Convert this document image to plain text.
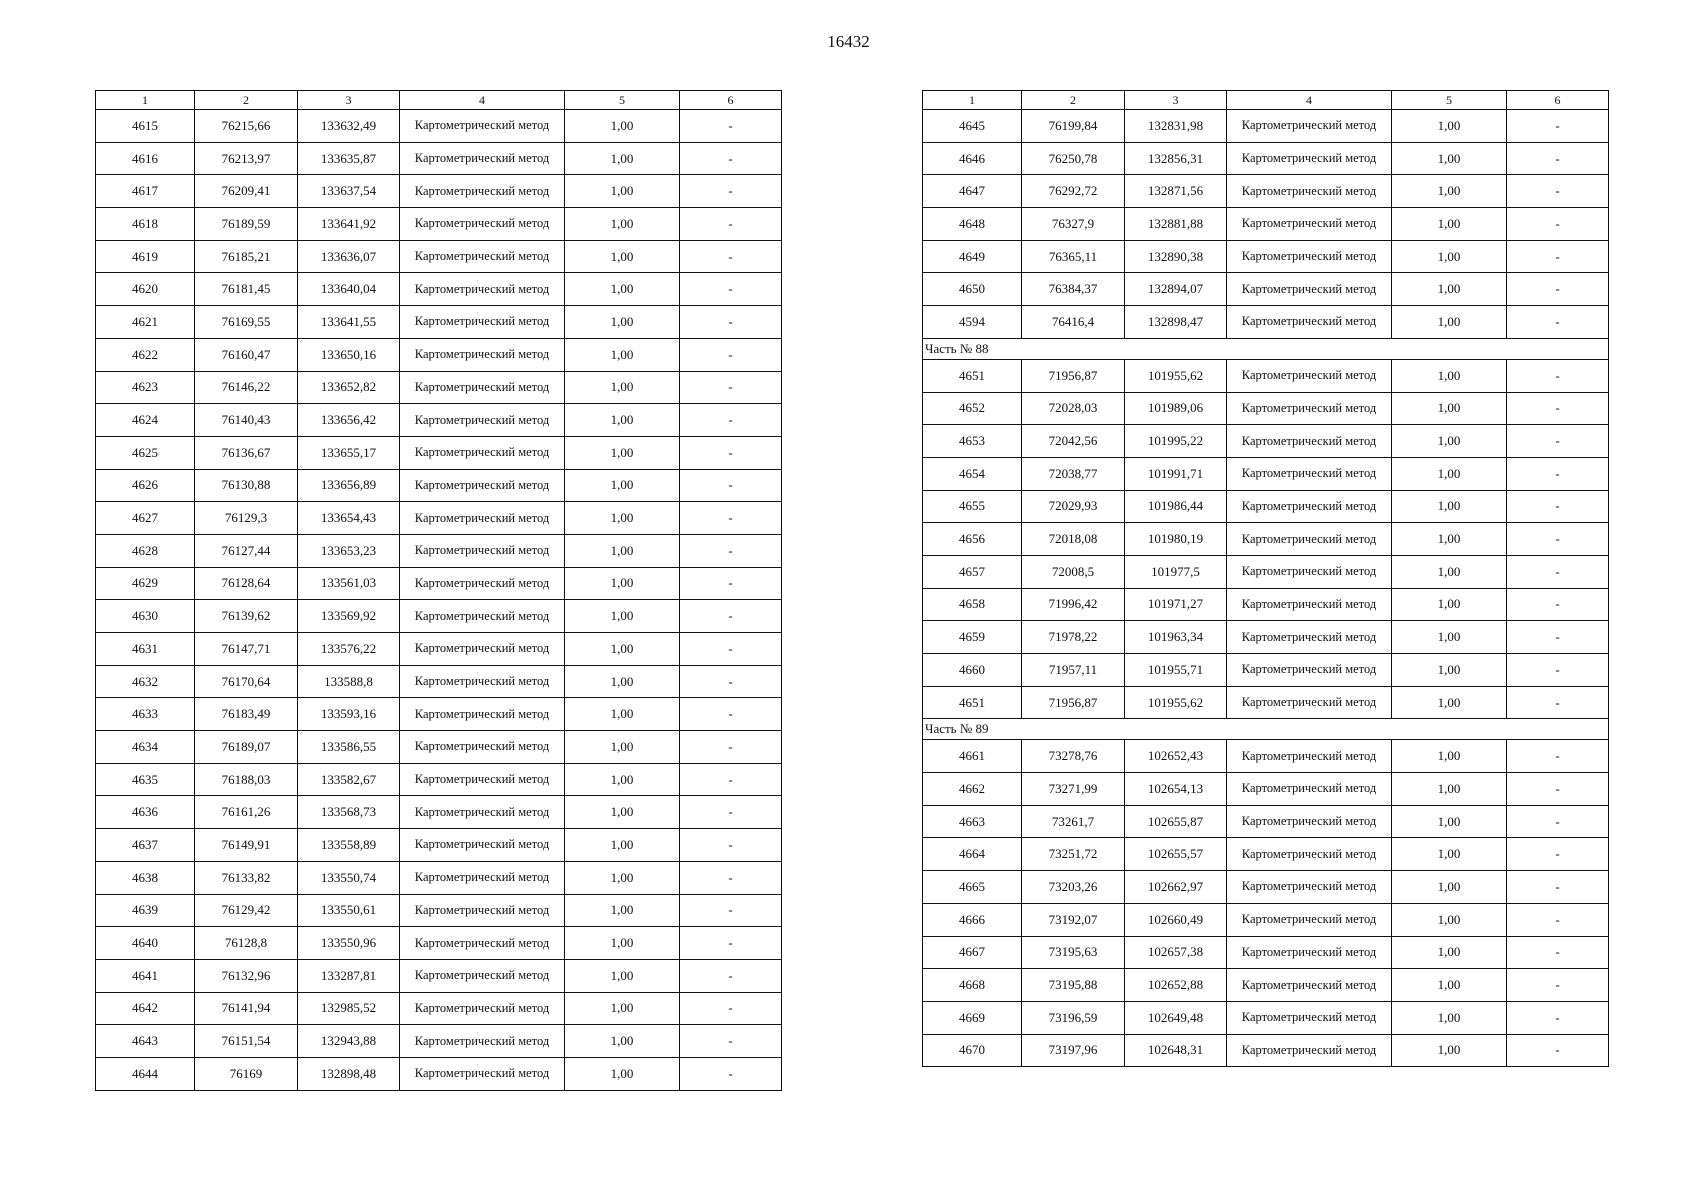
16432
1	2	3	4	5	6
4615	76215,66	133632,49	Картометрический метод	1,00	-
4616	76213,97	133635,87	Картометрический метод	1,00	-
4617	76209,41	133637,54	Картометрический метод	1,00	-
4618	76189,59	133641,92	Картометрический метод	1,00	-
4619	76185,21	133636,07	Картометрический метод	1,00	-
4620	76181,45	133640,04	Картометрический метод	1,00	-
4621	76169,55	133641,55	Картометрический метод	1,00	-
4622	76160,47	133650,16	Картометрический метод	1,00	-
4623	76146,22	133652,82	Картометрический метод	1,00	-
4624	76140,43	133656,42	Картометрический метод	1,00	-
4625	76136,67	133655,17	Картометрический метод	1,00	-
4626	76130,88	133656,89	Картометрический метод	1,00	-
4627	76129,3	133654,43	Картометрический метод	1,00	-
4628	76127,44	133653,23	Картометрический метод	1,00	-
4629	76128,64	133561,03	Картометрический метод	1,00	-
4630	76139,62	133569,92	Картометрический метод	1,00	-
4631	76147,71	133576,22	Картометрический метод	1,00	-
4632	76170,64	133588,8	Картометрический метод	1,00	-
4633	76183,49	133593,16	Картометрический метод	1,00	-
4634	76189,07	133586,55	Картометрический метод	1,00	-
4635	76188,03	133582,67	Картометрический метод	1,00	-
4636	76161,26	133568,73	Картометрический метод	1,00	-
4637	76149,91	133558,89	Картометрический метод	1,00	-
4638	76133,82	133550,74	Картометрический метод	1,00	-
4639	76129,42	133550,61	Картометрический метод	1,00	-
4640	76128,8	133550,96	Картометрический метод	1,00	-
4641	76132,96	133287,81	Картометрический метод	1,00	-
4642	76141,94	132985,52	Картометрический метод	1,00	-
4643	76151,54	132943,88	Картометрический метод	1,00	-
4644	76169	132898,48	Картометрический метод	1,00	-
1	2	3	4	5	6
4645	76199,84	132831,98	Картометрический метод	1,00	-
4646	76250,78	132856,31	Картометрический метод	1,00	-
4647	76292,72	132871,56	Картометрический метод	1,00	-
4648	76327,9	132881,88	Картометрический метод	1,00	-
4649	76365,11	132890,38	Картометрический метод	1,00	-
4650	76384,37	132894,07	Картометрический метод	1,00	-
4594	76416,4	132898,47	Картометрический метод	1,00	-
Часть № 88					
4651	71956,87	101955,62	Картометрический метод	1,00	-
4652	72028,03	101989,06	Картометрический метод	1,00	-
4653	72042,56	101995,22	Картометрический метод	1,00	-
4654	72038,77	101991,71	Картометрический метод	1,00	-
4655	72029,93	101986,44	Картометрический метод	1,00	-
4656	72018,08	101980,19	Картометрический метод	1,00	-
4657	72008,5	101977,5	Картометрический метод	1,00	-
4658	71996,42	101971,27	Картометрический метод	1,00	-
4659	71978,22	101963,34	Картометрический метод	1,00	-
4660	71957,11	101955,71	Картометрический метод	1,00	-
4651	71956,87	101955,62	Картометрический метод	1,00	-
Часть № 89					
4661	73278,76	102652,43	Картометрический метод	1,00	-
4662	73271,99	102654,13	Картометрический метод	1,00	-
4663	73261,7	102655,87	Картометрический метод	1,00	-
4664	73251,72	102655,57	Картометрический метод	1,00	-
4665	73203,26	102662,97	Картометрический метод	1,00	-
4666	73192,07	102660,49	Картометрический метод	1,00	-
4667	73195,63	102657,38	Картометрический метод	1,00	-
4668	73195,88	102652,88	Картометрический метод	1,00	-
4669	73196,59	102649,48	Картометрический метод	1,00	-
4670	73197,96	102648,31	Картометрический метод	1,00	-
